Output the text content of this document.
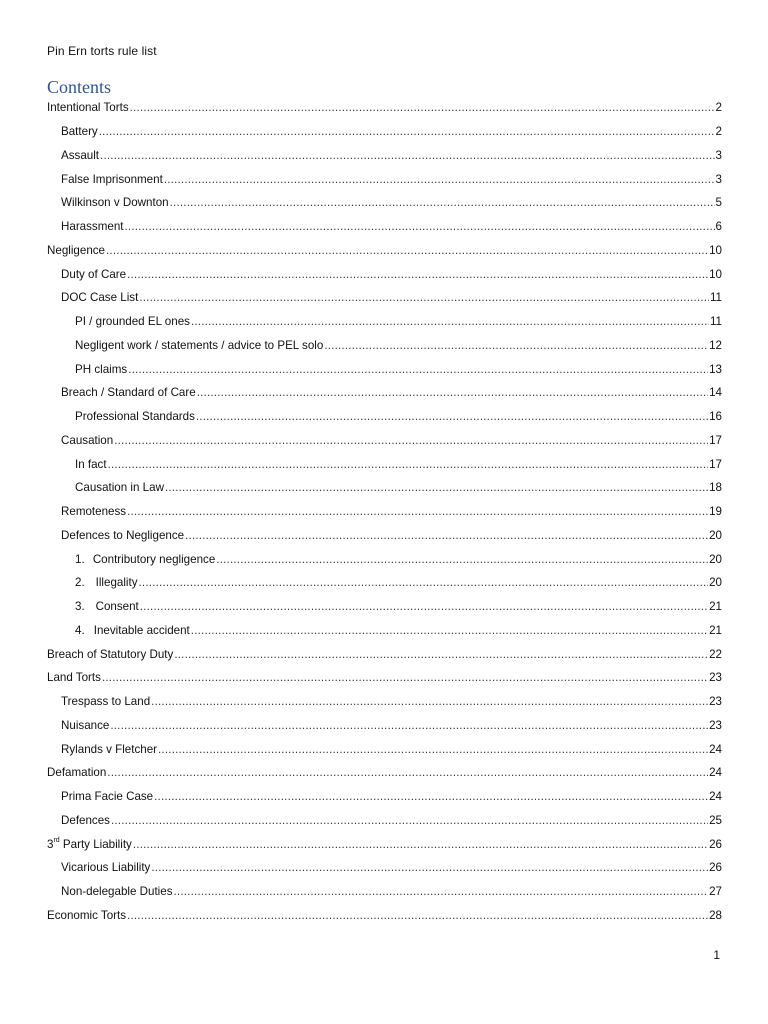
Pin Ern torts rule list
Contents
Intentional Torts .....	2
Battery .....	2
Assault .....	3
False Imprisonment .....	3
Wilkinson v Downton .....	5
Harassment .....	6
Negligence .....	10
Duty of Care .....	10
DOC Case List .....	11
PI / grounded EL ones .....	11
Negligent work / statements / advice to PEL solo .....	12
PH claims .....	13
Breach / Standard of Care .....	14
Professional Standards .....	16
Causation .....	17
In fact .....	17
Causation in Law .....	18
Remoteness .....	19
Defences to Negligence .....	20
1. Contributory negligence .....	20
2. Illegality .....	20
3. Consent .....	21
4. Inevitable accident .....	21
Breach of Statutory Duty .....	22
Land Torts .....	23
Trespass to Land .....	23
Nuisance .....	23
Rylands v Fletcher .....	24
Defamation .....	24
Prima Facie Case .....	24
Defences .....	25
3rd Party Liability .....	26
Vicarious Liability .....	26
Non-delegable Duties .....	27
Economic Torts .....	28
1
